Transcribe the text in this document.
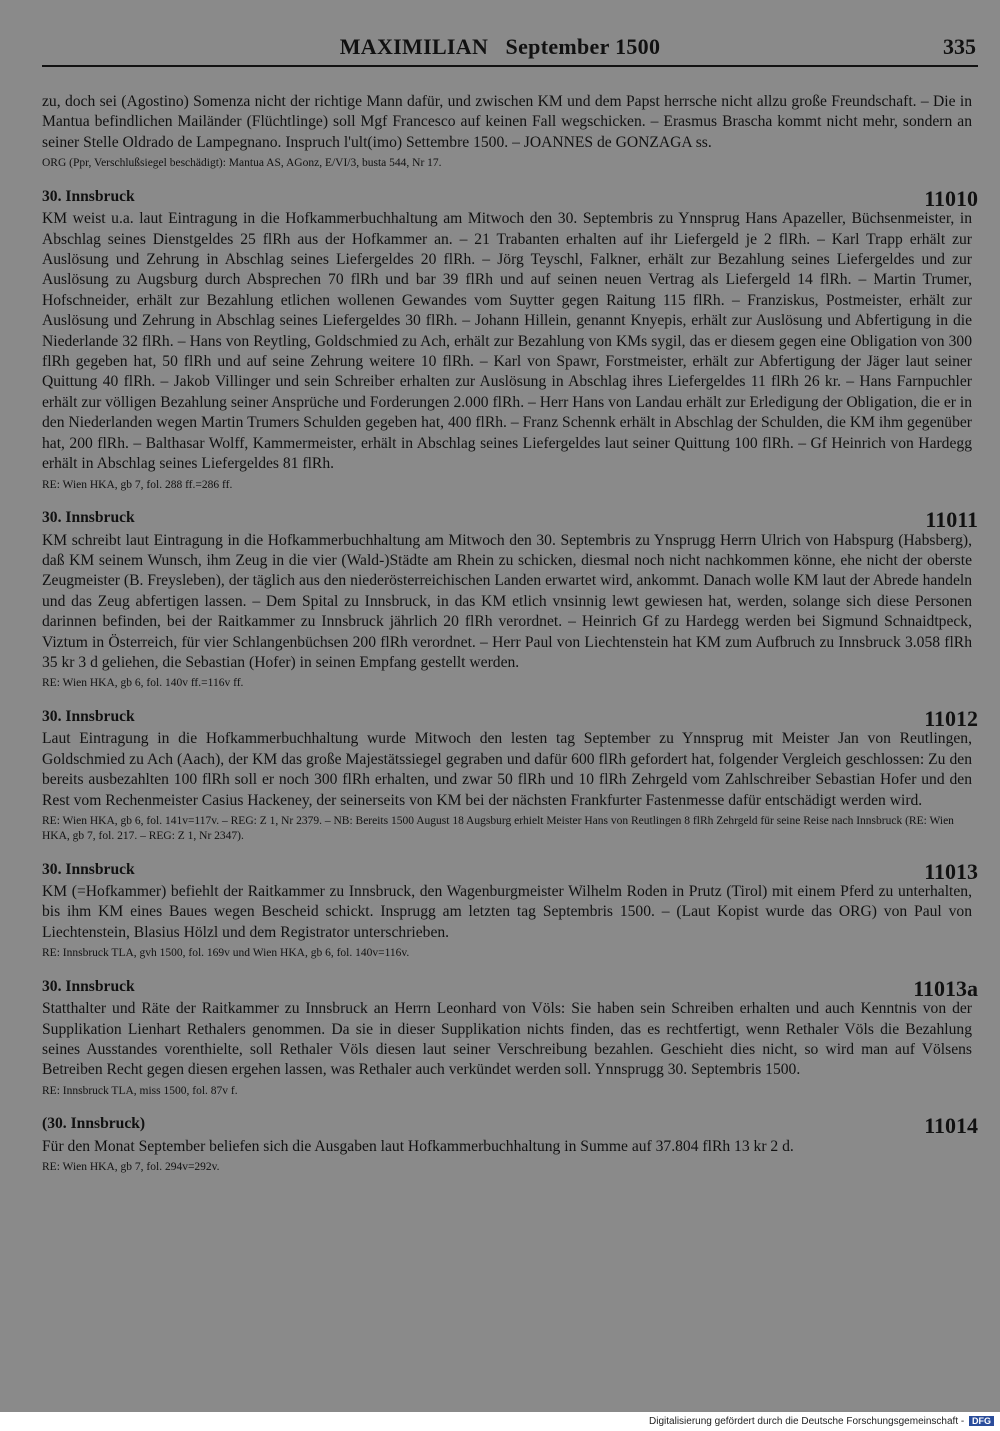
MAXIMILIAN   September 1500	335

zu, doch sei (Agostino) Somenza nicht der richtige Mann dafür, und zwischen KM und dem Papst herrsche nicht allzu große Freundschaft. – Die in Mantua befindlichen Mailänder (Flüchtlinge) soll Mgf Francesco auf keinen Fall wegschicken. – Erasmus Brascha kommt nicht mehr, sondern an seiner Stelle Oldrado de Lampegnano. Inspruch l'ult(imo) Settembre 1500. – JOANNES de GONZAGA ss.

ORG (Ppr, Verschlußsiegel beschädigt): Mantua AS, AGonz, E/VI/3, busta 544, Nr 17.

30. Innsbruck	11010

KM weist u.a. laut Eintragung in die Hofkammerbuchhaltung am Mitwoch den 30. Septembris zu Ynnsprug Hans Apazeller, Büchsenmeister, in Abschlag seines Dienstgeldes 25 flRh aus der Hofkammer an. – 21 Trabanten erhalten auf ihr Liefergeld je 2 flRh. – Karl Trapp erhält zur Auslösung und Zehrung in Abschlag seines Liefergeldes 20 flRh. – Jörg Teyschl, Falkner, erhält zur Bezahlung seines Liefergeldes und zur Auslösung zu Augsburg durch Absprechen 70 flRh und bar 39 flRh und auf seinen neuen Vertrag als Liefergeld 14 flRh. – Martin Trumer, Hofschneider, erhält zur Bezahlung etlichen wollenen Gewandes vom Suytter gegen Raitung 115 flRh. – Franziskus, Postmeister, erhält zur Auslösung und Zehrung in Abschlag seines Liefergeldes 30 flRh. – Johann Hillein, genannt Knyepis, erhält zur Auslösung und Abfertigung in die Niederlande 32 flRh. – Hans von Reytling, Goldschmied zu Ach, erhält zur Bezahlung von KMs sygil, das er diesem gegen eine Obligation von 300 flRh gegeben hat, 50 flRh und auf seine Zehrung weitere 10 flRh. – Karl von Spawr, Forstmeister, erhält zur Abfertigung der Jäger laut seiner Quittung 40 flRh. – Jakob Villinger und sein Schreiber erhalten zur Auslösung in Abschlag ihres Liefergeldes 11 flRh 26 kr. – Hans Farnpuchler erhält zur völligen Bezahlung seiner Ansprüche und Forderungen 2.000 flRh. – Herr Hans von Landau erhält zur Erledigung der Obligation, die er in den Niederlanden wegen Martin Trumers Schulden gegeben hat, 400 flRh. – Franz Schennk erhält in Abschlag der Schulden, die KM ihm gegenüber hat, 200 flRh. – Balthasar Wolff, Kammermeister, erhält in Abschlag seines Liefergeldes laut seiner Quittung 100 flRh. – Gf Heinrich von Hardegg erhält in Abschlag seines Liefergeldes 81 flRh.

RE: Wien HKA, gb 7, fol. 288 ff.=286 ff.

30. Innsbruck	11011

KM schreibt laut Eintragung in die Hofkammerbuchhaltung am Mitwoch den 30. Septembris zu Ynsprugg Herrn Ulrich von Habspurg (Habsberg), daß KM seinem Wunsch, ihm Zeug in die vier (Wald-)Städte am Rhein zu schicken, diesmal noch nicht nachkommen könne, ehe nicht der oberste Zeugmeister (B. Freysleben), der täglich aus den niederösterreichischen Landen erwartet wird, ankommt. Danach wolle KM laut der Abrede handeln und das Zeug abfertigen lassen. – Dem Spital zu Innsbruck, in das KM etlich vnsinnig lewt gewiesen hat, werden, solange sich diese Personen darinnen befinden, bei der Raitkammer zu Innsbruck jährlich 20 flRh verordnet. – Heinrich Gf zu Hardegg werden bei Sigmund Schnaidtpeck, Viztum in Österreich, für vier Schlangenbüchsen 200 flRh verordnet. – Herr Paul von Liechtenstein hat KM zum Aufbruch zu Innsbruck 3.058 flRh 35 kr 3 d geliehen, die Sebastian (Hofer) in seinen Empfang gestellt werden.

RE: Wien HKA, gb 6, fol. 140v ff.=116v ff.

30. Innsbruck	11012

Laut Eintragung in die Hofkammerbuchhaltung wurde Mitwoch den lesten tag September zu Ynnsprug mit Meister Jan von Reutlingen, Goldschmied zu Ach (Aach), der KM das große Majestätssiegel gegraben und dafür 600 flRh gefordert hat, folgender Vergleich geschlossen: Zu den bereits ausbezahlten 100 flRh soll er noch 300 flRh erhalten, und zwar 50 flRh und 10 flRh Zehrgeld vom Zahlschreiber Sebastian Hofer und den Rest vom Rechenmeister Casius Hackeney, der seinerseits von KM bei der nächsten Frankfurter Fastenmesse dafür entschädigt werden wird.

RE: Wien HKA, gb 6, fol. 141v=117v. – REG: Z 1, Nr 2379. – NB: Bereits 1500 August 18 Augsburg erhielt Meister Hans von Reutlingen 8 flRh Zehrgeld für seine Reise nach Innsbruck (RE: Wien HKA, gb 7, fol. 217. – REG: Z 1, Nr 2347).

30. Innsbruck	11013

KM (=Hofkammer) befiehlt der Raitkammer zu Innsbruck, den Wagenburgmeister Wilhelm Roden in Prutz (Tirol) mit einem Pferd zu unterhalten, bis ihm KM eines Baues wegen Bescheid schickt. Insprugg am letzten tag Septembris 1500. – (Laut Kopist wurde das ORG) von Paul von Liechtenstein, Blasius Hölzl und dem Registrator unterschrieben.

RE: Innsbruck TLA, gvh 1500, fol. 169v und Wien HKA, gb 6, fol. 140v=116v.

30. Innsbruck	11013a

Statthalter und Räte der Raitkammer zu Innsbruck an Herrn Leonhard von Völs: Sie haben sein Schreiben erhalten und auch Kenntnis von der Supplikation Lienhart Rethalers genommen. Da sie in dieser Supplikation nichts finden, das es rechtfertigt, wenn Rethaler Völs die Bezahlung seines Ausstandes vorenthielte, soll Rethaler Völs diesen laut seiner Verschreibung bezahlen. Geschieht dies nicht, so wird man auf Völsens Betreiben Recht gegen diesen ergehen lassen, was Rethaler auch verkündet werden soll. Ynnsprugg 30. Septembris 1500.

RE: Innsbruck TLA, miss 1500, fol. 87v f.

(30. Innsbruck)	11014

Für den Monat September beliefen sich die Ausgaben laut Hofkammerbuchhaltung in Summe auf 37.804 flRh 13 kr 2 d.

RE: Wien HKA, gb 7, fol. 294v=292v.

Digitalisierung gefördert durch die Deutsche Forschungsgemeinschaft - DFG
